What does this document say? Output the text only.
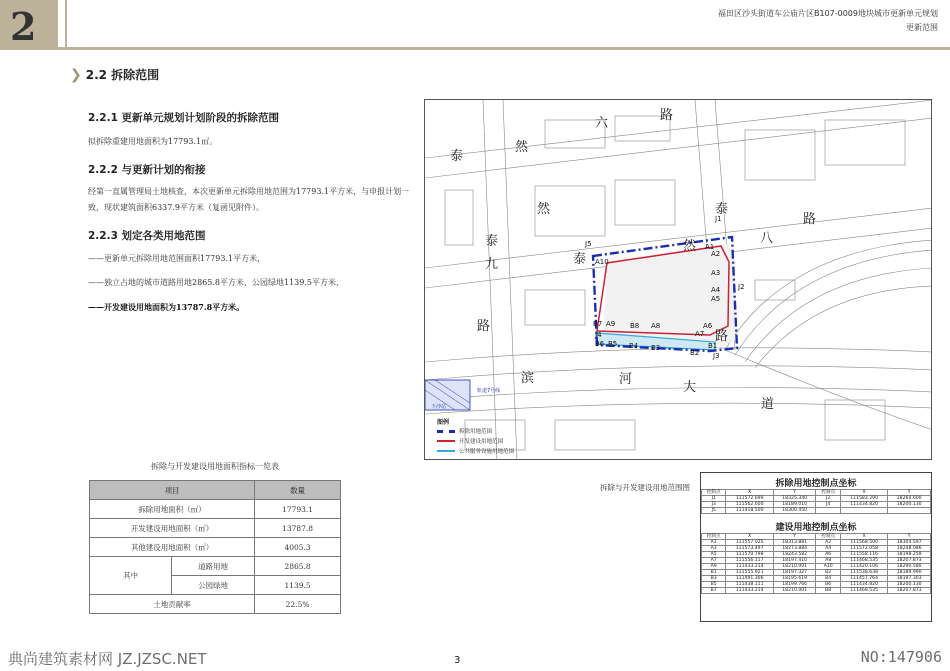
2	福田区沙头街道车公庙片区B107-0009地块城市更新单元规划
更新范围
❯ 2.2 拆除范围
2.2.1 更新单元规划计划阶段的拆除范围
拟拆除重建用地面积为17793.1㎡。
2.2.2 与更新计划的衔接
经第一直属管理局土地核查，本次更新单元拆除用地范围为17793.1平方米，与申报计划一致，现状建筑面积6337.9平方米（复函见附件）。
2.2.3 划定各类用地范围
——更新单元拆除用地范围面积17793.1平方米，
——独立占地的城市道路用地2865.8平方米，公园绿地1139.5平方米，
——开发建设用地面积为13787.8平方米。
拆除与开发建设用地面积指标一览表
项目		数量
拆除用地面积（㎡）		17793.1
开发建设用地面积（㎡）		13787.8
其他建设用地面积（㎡）		4005.3
其中	道路用地	2865.8
	公园绿地	1139.5
土地贡献率		22.5%
泰
然
六
路
泰
然	泰
然
八
路
九
路
滨	河
大
道
泰
路
A1
A2
A3
A4
A5
A6
A7
A8
A9
A10
B1
B2
B3
B4
B5
B6
B7	B8
J1
J2
J3
J4
J5
轨道7号线
下沙站
图例
拆除用地范围
开发建设用地范围
公共服务设施用地范围
拆除与开发建设用地范围图	拆除用地控制点坐标
控制点	X	Y	控制点	X	Y
J1	111572.690	18325.340	J2	111583.290	18260.600
J3	111562.600	18189.010	J4	111434.820	18200.130
J5	111418.500	18300.450			
建设用地控制点坐标
控制点	X	Y	控制点	X	Y
A1	111557.025	18313.881	A2	111568.500	18304.597
A3	111573.497	18273.884	A4	111572.058	18248.086
A5	111570.798	18243.582	A6	111558.116	18198.259
A7	111556.117	18197.410	A8	111468.535	18207.873
A9	111433.214	18210.001	A10	111420.106	18290.580
B1	111555.921	18197.327	B2	111538.638	18189.990
B3	111491.306	18195.619	B4	111457.764	18197.303
B5	111438.111	18199.766	B6	111434.820	18200.130
B7	111433.214	18210.001	B8	111468.535	18207.873
3
典尚建筑素材网 JZ.JZSC.NET	NO:147906
